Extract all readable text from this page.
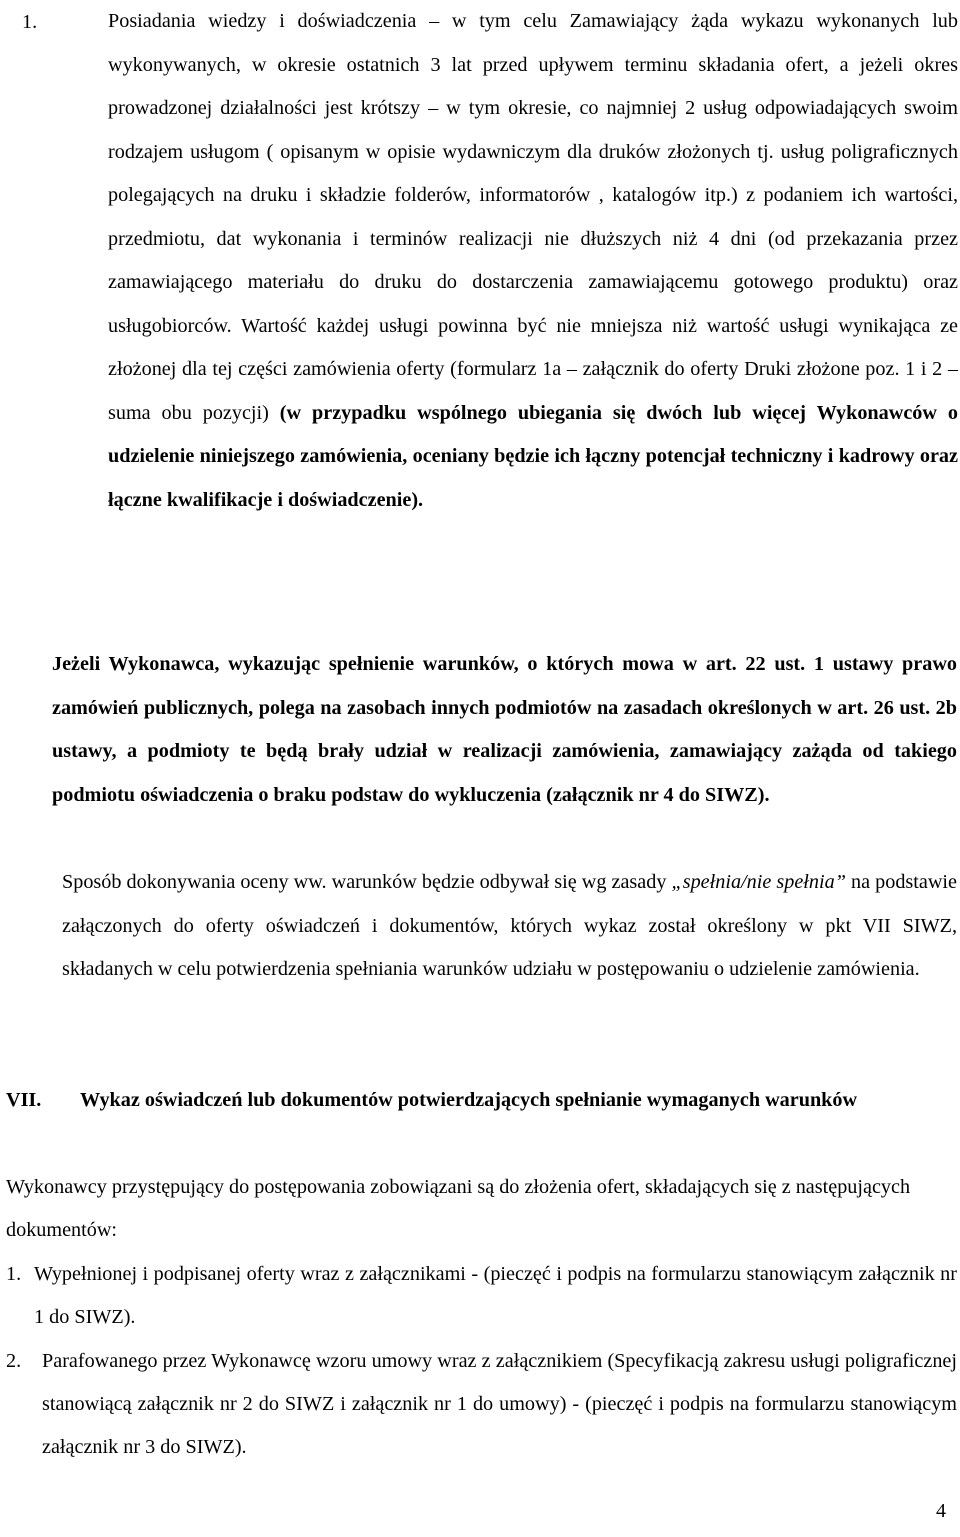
1.	Posiadania wiedzy i doświadczenia – w tym celu Zamawiający żąda wykazu wykonanych lub wykonywanych, w okresie ostatnich 3 lat przed upływem terminu składania ofert, a jeżeli okres prowadzonej działalności jest krótszy – w tym okresie, co najmniej 2 usług odpowiadających swoim rodzajem usługom ( opisanym w opisie wydawniczym dla druków złożonych tj. usług poligraficznych polegających na druku i składzie folderów, informatorów , katalogów itp.) z podaniem ich wartości, przedmiotu, dat wykonania i terminów realizacji nie dłuższych niż 4 dni (od przekazania przez zamawiającego materiału do druku do dostarczenia zamawiającemu gotowego produktu) oraz usługobiorców. Wartość każdej usługi powinna być nie mniejsza niż wartość usługi wynikająca ze złożonej dla tej części zamówienia oferty (formularz 1a – załącznik do oferty Druki złożone poz. 1 i 2 – suma obu pozycji) (w przypadku wspólnego ubiegania się dwóch lub więcej Wykonawców o udzielenie niniejszego zamówienia, oceniany będzie ich łączny potencjał techniczny i kadrowy oraz łączne kwalifikacje i doświadczenie).

Jeżeli Wykonawca, wykazując spełnienie warunków, o których mowa w art. 22 ust. 1 ustawy prawo zamówień publicznych, polega na zasobach innych podmiotów na zasadach określonych w art. 26 ust. 2b ustawy, a podmioty te będą brały udział w realizacji zamówienia, zamawiający zażąda od takiego podmiotu oświadczenia o braku podstaw do wykluczenia (załącznik nr 4 do SIWZ).

Sposób dokonywania oceny ww. warunków będzie odbywał się wg zasady „spełnia/nie spełnia” na podstawie załączonych do oferty oświadczeń i dokumentów, których wykaz został określony w pkt VII SIWZ, składanych w celu potwierdzenia spełniania warunków udziału w postępowaniu o udzielenie zamówienia.

VII. Wykaz oświadczeń lub dokumentów potwierdzających spełnianie wymaganych warunków

Wykonawcy przystępujący do postępowania zobowiązani są do złożenia ofert, składających się z następujących dokumentów:

1. Wypełnionej i podpisanej oferty wraz z załącznikami - (pieczęć i podpis na formularzu stanowiącym załącznik nr 1 do SIWZ).

2. Parafowanego przez Wykonawcę wzoru umowy wraz z załącznikiem (Specyfikacją zakresu usługi poligraficznej stanowiącą załącznik nr 2 do SIWZ i załącznik nr 1 do umowy) - (pieczęć i podpis na formularzu stanowiącym załącznik nr 3 do SIWZ).

4
